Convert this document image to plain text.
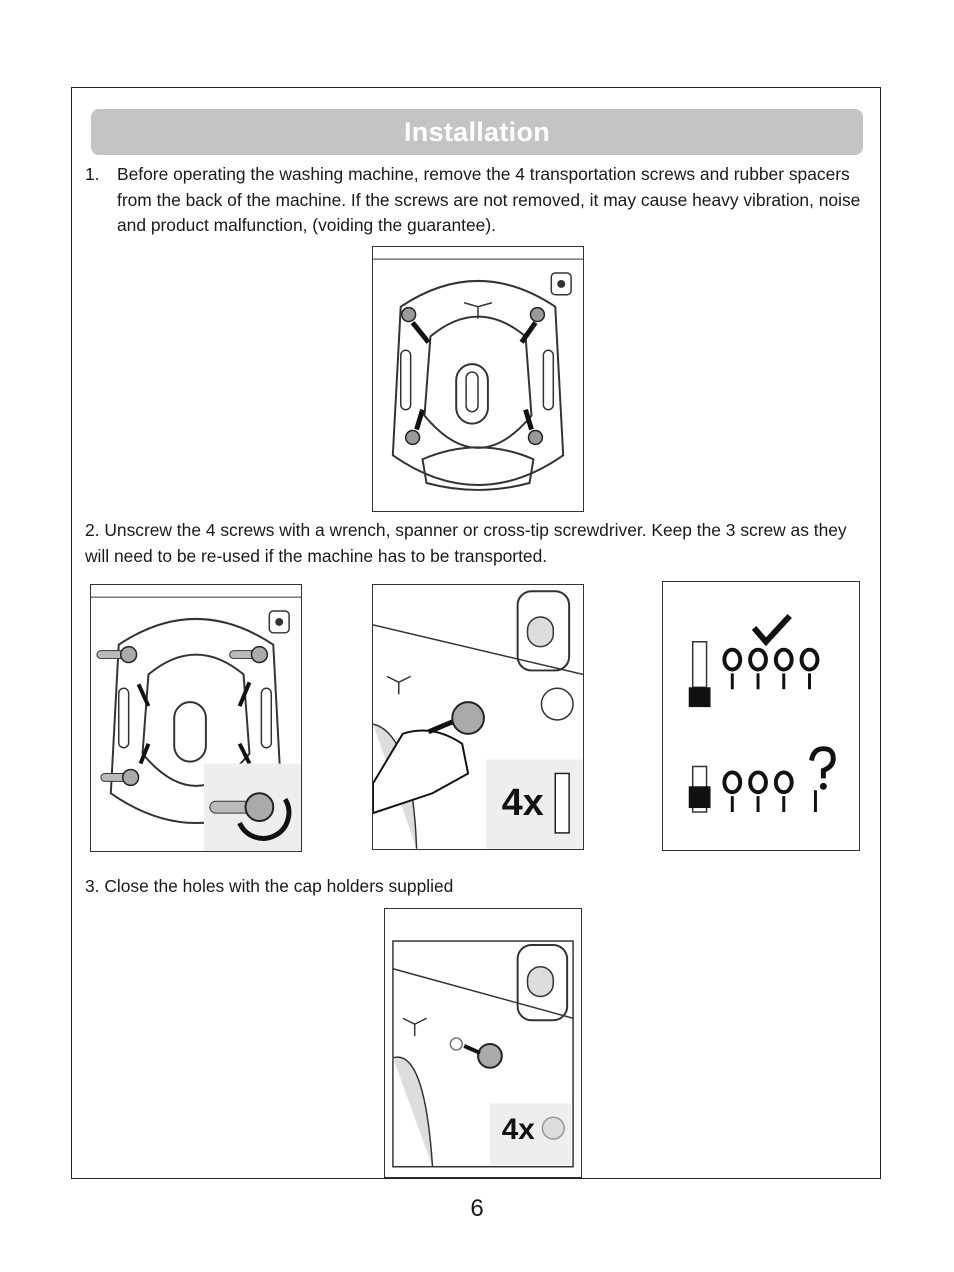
Installation
1. Before operating the washing machine, remove the 4 transportation screws and rubber spacers from the back of the machine. If the screws are not removed, it may cause heavy vibration, noise and product malfunction, (voiding the guarantee).
2. Unscrew the 4 screws with a wrench, spanner or cross-tip screwdriver. Keep the 3 screw as they will need to be re-used if the machine has to be transported.
4x
3. Close the holes with the cap holders supplied
4x
6
